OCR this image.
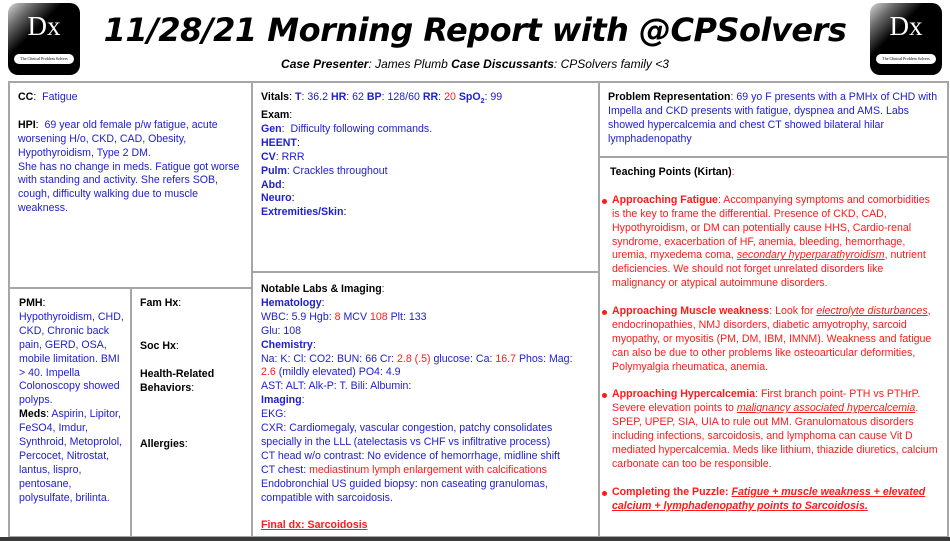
Dx
The Clinical Problem Solvers
Dx
The Clinical Problem Solvers
11/28/21 Morning Report with @CPSolvers
Case Presenter: James Plumb Case Discussants: CPSolvers family <3
CC: Fatigue
HPI: 69 year old female p/w fatigue, acute worsening H/o, CKD, CAD, Obesity, Hypothyroidism, Type 2 DM.
She has no change in meds. Fatigue got worse with standing and activity. She refers SOB, cough, difficulty walking due to muscle weakness.
PMH:
Hypothyroidism, CHD, CKD, Chronic back pain, GERD, OSA, mobile limitation. BMI > 40. Impella Colonoscopy showed polyps.
Meds: Aspirin, Lipitor, FeSO4, Imdur, Synthroid, Metoprolol, Percocet, Nitrostat, lantus, lispro, pentosane, polysulfate, brilinta.
Fam Hx:
Soc Hx:
Health-Related Behaviors:
Allergies:
Vitals: T: 36.2 HR: 62 BP: 128/60 RR: 20 SpO$_2$: 99
Exam:
Gen:  Difficulty following commands.
HEENT:
CV: RRR
Pulm: Crackles throughout
Abd:
Neuro:
Extremities/Skin:
Notable Labs & Imaging:
Hematology:
WBC: 5.9 Hgb: 8 MCV 108 Plt: 133
Glu: 108
Chemistry:
Na: K: Cl: CO2: BUN: 66 Cr: 2.8 (.5) glucose: Ca: 16.7 Phos: Mag: 2.6 (mildly elevated) PO4: 4.9
AST: ALT: Alk-P: T. Bili: Albumin:
Imaging:
EKG:
CXR: Cardiomegaly, vascular congestion, patchy consolidates specially in the LLL (atelectasis vs CHF vs infiltrative process)
CT head w/o contrast: No evidence of hemorrhage, midline shift
CT chest: mediastinum lymph enlargement with calcifications
Endobronchial US guided biopsy: non caseating granulomas, compatible with sarcoidosis.
Final dx: Sarcoidosis
Problem Representation: 69 yo F presents with a PMHx of CHD with Impella and CKD presents with fatigue, dyspnea and AMS. Labs showed hypercalcemia and chest CT showed bilateral hilar lymphadenopathy
Teaching Points (Kirtan):
Approaching Fatigue: Accompanying symptoms and comorbidities is the key to frame the differential. Presence of CKD, CAD, Hypothyroidism, or DM can potentially cause HHS, Cardio-renal syndrome, exacerbation of HF, anemia, bleeding, hemorrhage, uremia, myxedema coma, secondary hyperparathyroidism, nutrient deficiencies. We should not forget unrelated disorders like malignancy or atypical autoimmune disorders.
Approaching Muscle weakness: Look for electrolyte disturbances, endocrinopathies, NMJ disorders, diabetic amyotrophy, sarcoid myopathy, or myositis (PM, DM, IBM, IMNM). Weakness and fatigue can also be due to other problems like osteoarticular deformities, Polymyalgia rheumatica, anemia.
Approaching Hypercalcemia: First branch point- PTH vs PTHrP. Severe elevation points to malignancy associated hypercalcemia. SPEP, UPEP, SIA, UIA to rule out MM. Granulomatous disorders including infections, sarcoidosis, and lymphoma can cause Vit D mediated hypercalcemia. Meds like lithium, thiazide diuretics, calcium carbonate can too be responsible.
Completing the Puzzle: Fatigue + muscle weakness + elevated calcium + lymphadenopathy points to Sarcoidosis.
